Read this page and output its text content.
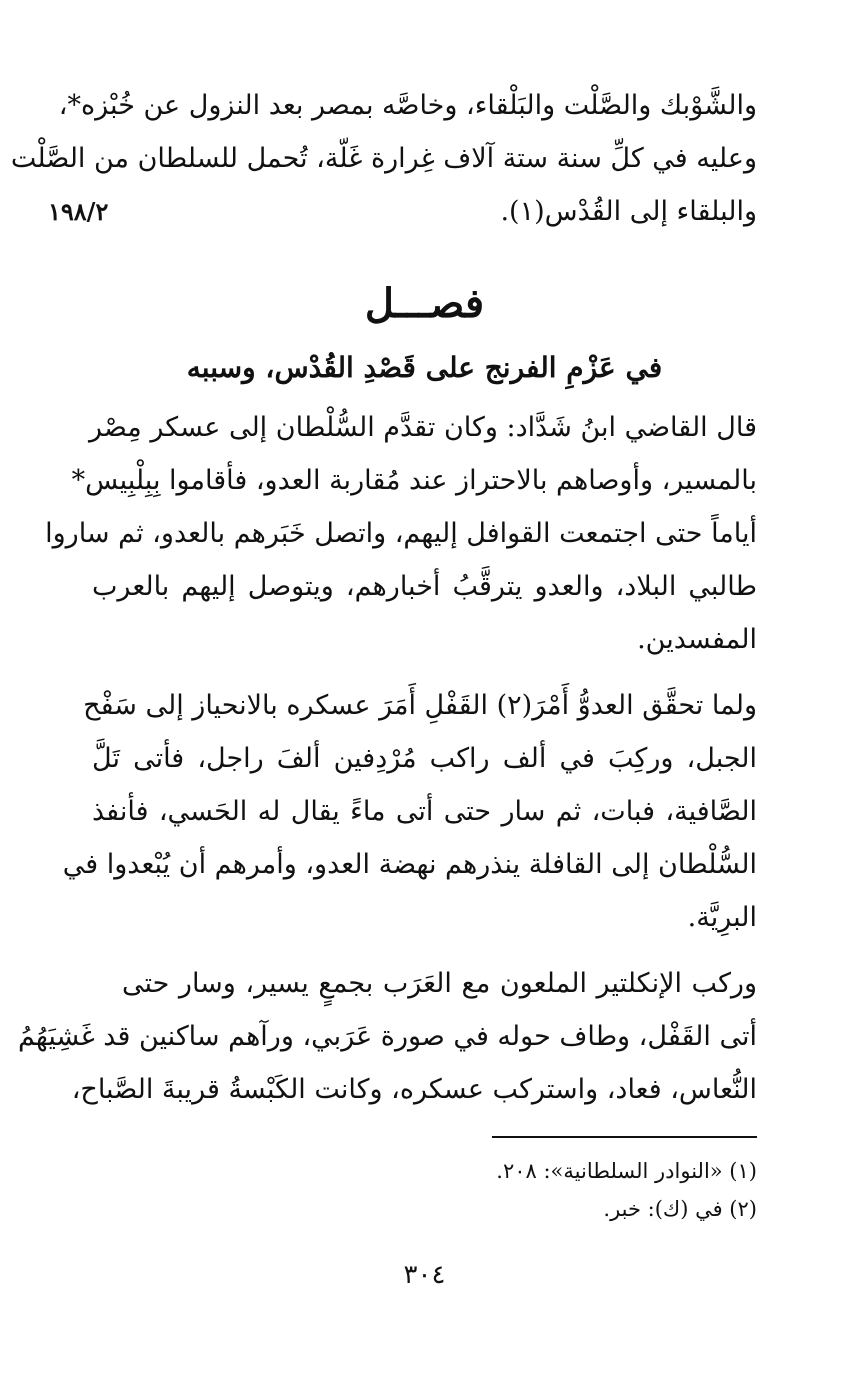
والشَّوْبك والصَّلْت والبَلْقاء، وخاصَّه بمصر بعد النزول عن خُبْزه*،
وعليه في كلِّ سنة ستة آلاف غِرارة غَلّة، تُحمل للسلطان من الصَّلْت
والبلقاء إلى القُدْس(١).
١٩٨/٢
فصـــل
في عَزْمِ الفرنج على قَصْدِ القُدْس، وسببه
قال القاضي ابنُ شَدَّاد: وكان تقدَّم السُّلْطان إلى عسكر مِصْر
بالمسير، وأوصاهم بالاحتراز عند مُقاربة العدو، فأقاموا بِبِلْبِيس*
أياماً حتى اجتمعت القوافل إليهم، واتصل خَبَرهم بالعدو، ثم ساروا
طالبي البلاد، والعدو يترقَّبُ أخبارهم، ويتوصل إليهم بالعرب
المفسدين.
ولما تحقَّق العدوُّ أَمْرَ(٢) القَفْلِ أَمَرَ عسكره بالانحياز إلى سَفْح
الجبل، وركِبَ في ألف راكب مُرْدِفين ألفَ راجل، فأتى تَلَّ
الصَّافية، فبات، ثم سار حتى أتى ماءً يقال له الحَسي، فأنفذ
السُّلْطان إلى القافلة ينذرهم نهضة العدو، وأمرهم أن يُبْعدوا في
البرِيَّة.
وركب الإنكلتير الملعون مع العَرَب بجمعٍ يسير، وسار حتى
أتى القَفْل، وطاف حوله في صورة عَرَبي، ورآهم ساكنين قد غَشِيَهُمُ
النُّعاس، فعاد، واستركب عسكره، وكانت الكَبْسةُ قريبةَ الصَّباح،
(١) «النوادر السلطانية»: ٢٠٨.
(٢) في (ك): خبر.
٣٠٤
